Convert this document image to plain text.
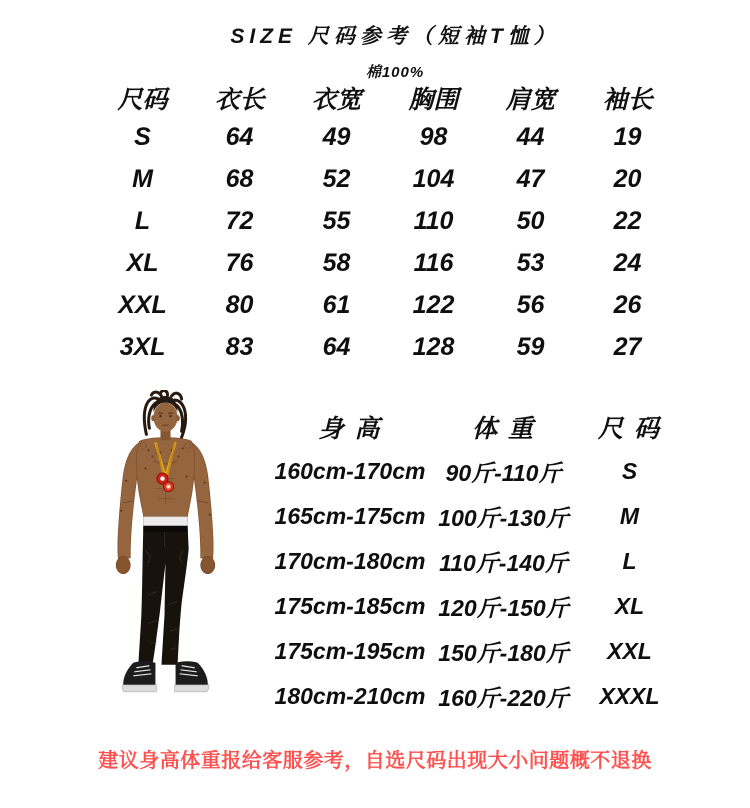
SIZE 尺码参考（短袖T恤）
棉100%
尺码	衣长	衣宽	胸围	肩宽	袖长
S	64	49	98	44	19
M	68	52	104	47	20
L	72	55	110	50	22
XL	76	58	116	53	24
XXL	80	61	122	56	26
3XL	83	64	128	59	27
身 高	体 重	尺 码
160cm-170cm 90斤-110斤	S
165cm-175cm 100斤-130斤	M
170cm-180cm 110斤-140斤	L
175cm-185cm 120斤-150斤	XL
175cm-195cm 150斤-180斤	XXL
180cm-210cm 160斤-220斤	XXXL
建议身高体重报给客服参考，自选尺码出现大小问题概不退换
